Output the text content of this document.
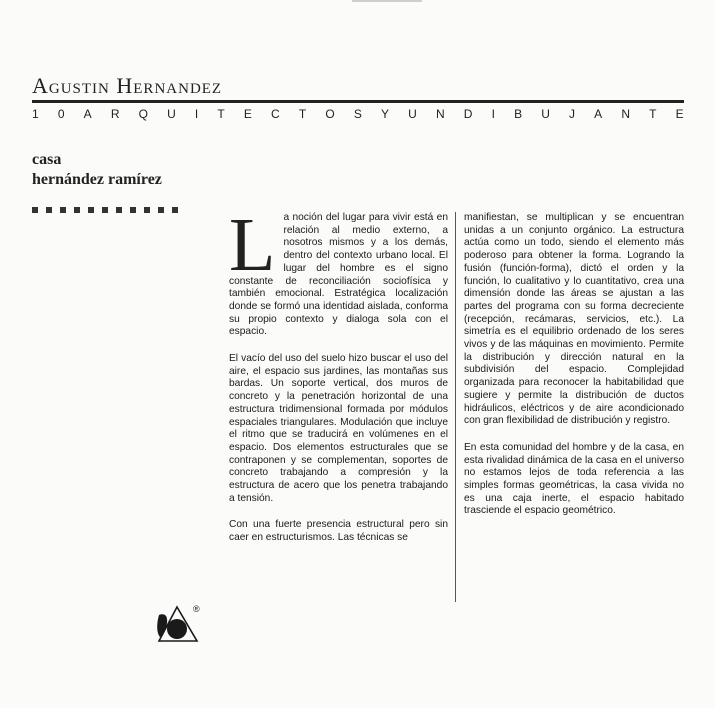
Agustin Hernandez
1 0 A R Q U I T E C T O S Y U N D I B U J A N T E
casa
hernández ramírez

La noción del lugar para vivir está en relación al medio externo, a nosotros mismos y a los demás, dentro del contexto urbano local. El lugar del hombre es el signo constante de reconciliación sociofísica y también emocional. Estratégica localización donde se formó una identidad aislada, conforma su propio contexto y dialoga sola con el espacio.

El vacío del uso del suelo hizo buscar el uso del aire, el espacio sus jardines, las montañas sus bardas. Un soporte vertical, dos muros de concreto y la penetración horizontal de una estructura tridimensional formada por módulos espaciales triangulares. Modulación que incluye el ritmo que se traducirá en volúmenes en el espacio. Dos elementos estructurales que se contraponen y se complementan, soportes de concreto trabajando a compresión y la estructura de acero que los penetra trabajando a tensión.

Con una fuerte presencia estructural pero sin caer en estructurismos. Las técnicas se

manifiestan, se multiplican y se encuentran unidas a un conjunto orgánico. La estructura actúa como un todo, siendo el elemento más poderoso para obtener la forma. Logrando la fusión (función-forma), dictó el orden y la función, lo cualitativo y lo cuantitativo, crea una dimensión donde las áreas se ajustan a las partes del programa con su forma decreciente (recepción, recámaras, servicios, etc.). La simetría es el equilibrio ordenado de los seres vivos y de las máquinas en movimiento. Permite la distribución y dirección natural en la subdivisión del espacio. Complejidad organizada para reconocer la habitabilidad que sugiere y permite la distribución de ductos hidráulicos, eléctricos y de aire acondicionado con gran flexibilidad de distribución y registro.

En esta comunidad del hombre y de la casa, en esta rivalidad dinámica de la casa en el universo no estamos lejos de toda referencia a las simples formas geométricas, la casa vivida no es una caja inerte, el espacio habitado trasciende el espacio geométrico.

®
